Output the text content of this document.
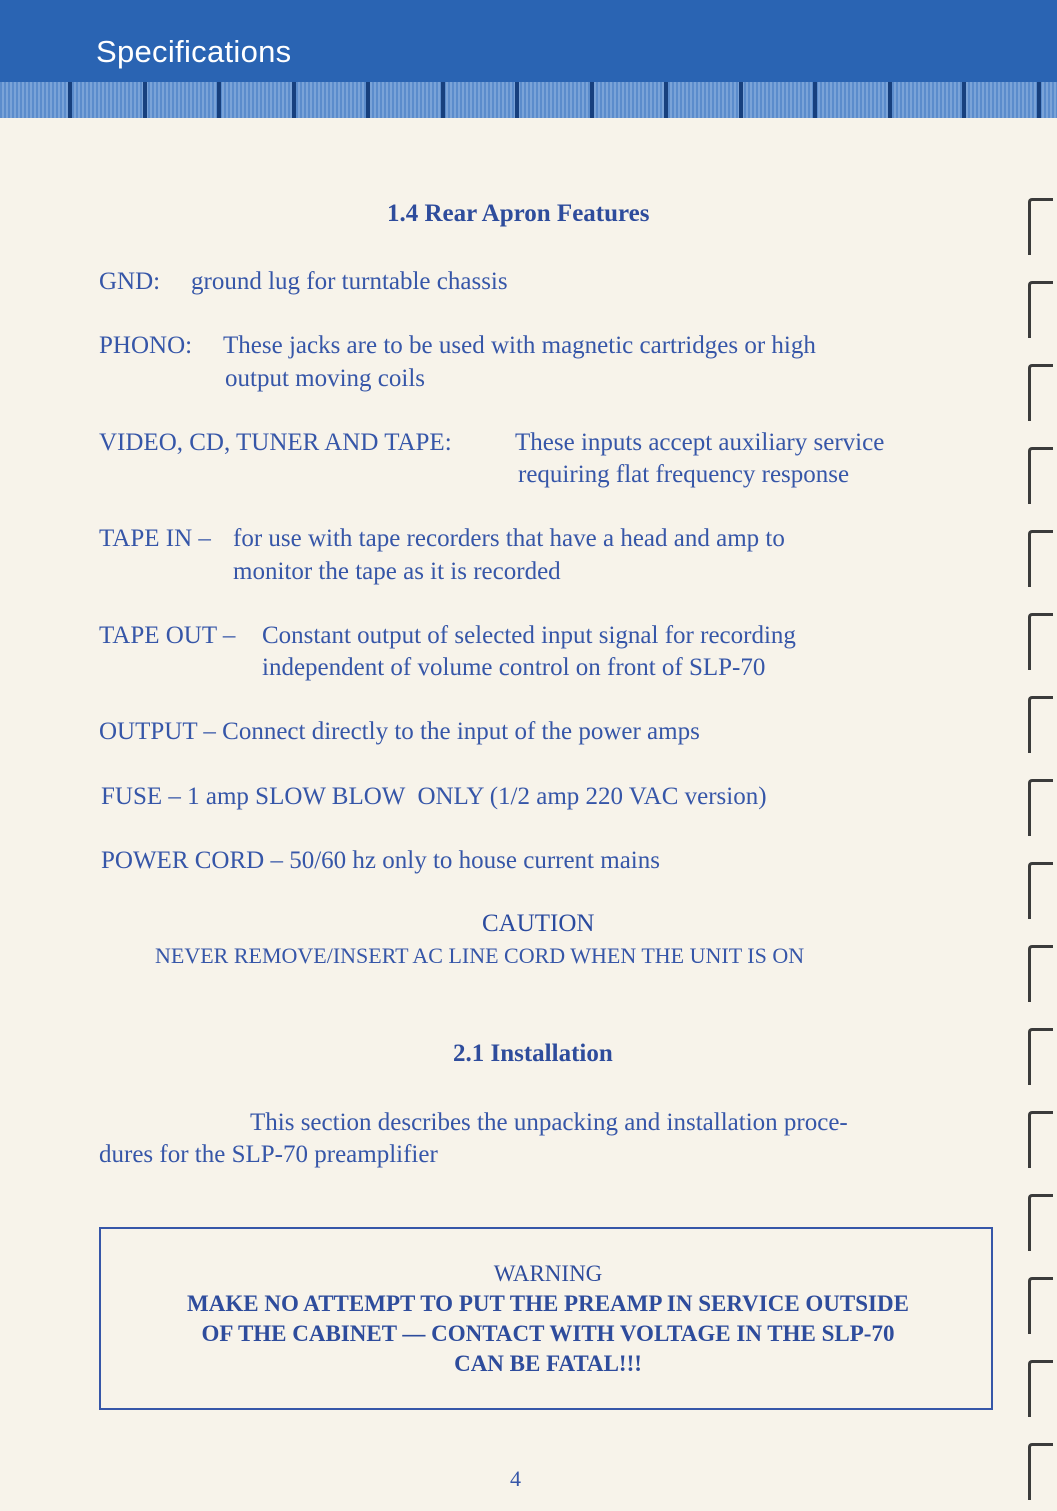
Specifications
1.4 Rear Apron Features
GND: ground lug for turntable chassis
PHONO: These jacks are to be used with magnetic cartridges or high
output moving coils
VIDEO, CD, TUNER AND TAPE:	These inputs accept auxiliary service
requiring flat frequency response
TAPE IN – for use with tape recorders that have a head and amp to
monitor the tape as it is recorded
TAPE OUT – Constant output of selected input signal for recording
independent of volume control on front of SLP-70
OUTPUT – Connect directly to the input of the power amps
FUSE – 1 amp SLOW BLOW  ONLY (1/2 amp 220 VAC version)
POWER CORD – 50/60 hz only to house current mains
CAUTION
NEVER REMOVE/INSERT AC LINE CORD WHEN THE UNIT IS ON
2.1 Installation
This section describes the unpacking and installation proce-
dures for the SLP-70 preamplifier
WARNING
MAKE NO ATTEMPT TO PUT THE PREAMP IN SERVICE OUTSIDE
OF THE CABINET — CONTACT WITH VOLTAGE IN THE SLP-70
CAN BE FATAL!!!
4
